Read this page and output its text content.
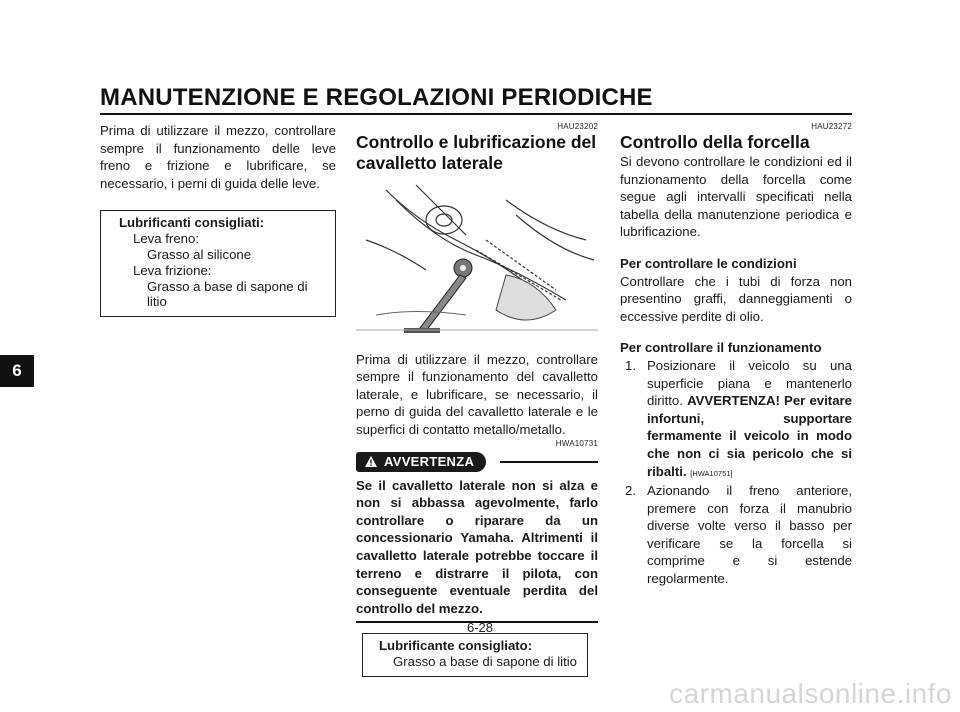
MANUTENZIONE E REGOLAZIONI PERIODICHE
6
Prima di utilizzare il mezzo, controllare sempre il funzionamento delle leve freno e frizione e lubrificare, se necessario, i perni di guida delle leve.
Lubrificanti consigliati:
Leva freno:
Grasso al silicone
Leva frizione:
Grasso a base di sapone di litio
HAU23202
Controllo e lubrificazione del cavalletto laterale
Prima di utilizzare il mezzo, controllare sempre il funzionamento del cavalletto laterale, e lubrificare, se necessario, il perno di guida del cavalletto laterale e le superfici di contatto metallo/metallo.
HWA10731
AVVERTENZA
Se il cavalletto laterale non si alza e non si abbassa agevolmente, farlo controllare o riparare da un concessionario Yamaha. Altrimenti il cavalletto laterale potrebbe toccare il terreno e distrarre il pilota, con conseguente eventuale perdita del controllo del mezzo.
Lubrificante consigliato:
Grasso a base di sapone di litio
HAU23272
Controllo della forcella
Si devono controllare le condizioni ed il funzionamento della forcella come segue agli intervalli specificati nella tabella della manutenzione periodica e lubrificazione.
Per controllare le condizioni
Controllare che i tubi di forza non presentino graffi, danneggiamenti o eccessive perdite di olio.
Per controllare il funzionamento
1. Posizionare il veicolo su una superficie piana e mantenerlo diritto. AVVERTENZA! Per evitare infortuni, supportare fermamente il veicolo in modo che non ci sia pericolo che si ribalti. [HWA10751]
2. Azionando il freno anteriore, premere con forza il manubrio diverse volte verso il basso per verificare se la forcella si comprime e si estende regolarmente.
6-28
carmanualsonline.info
